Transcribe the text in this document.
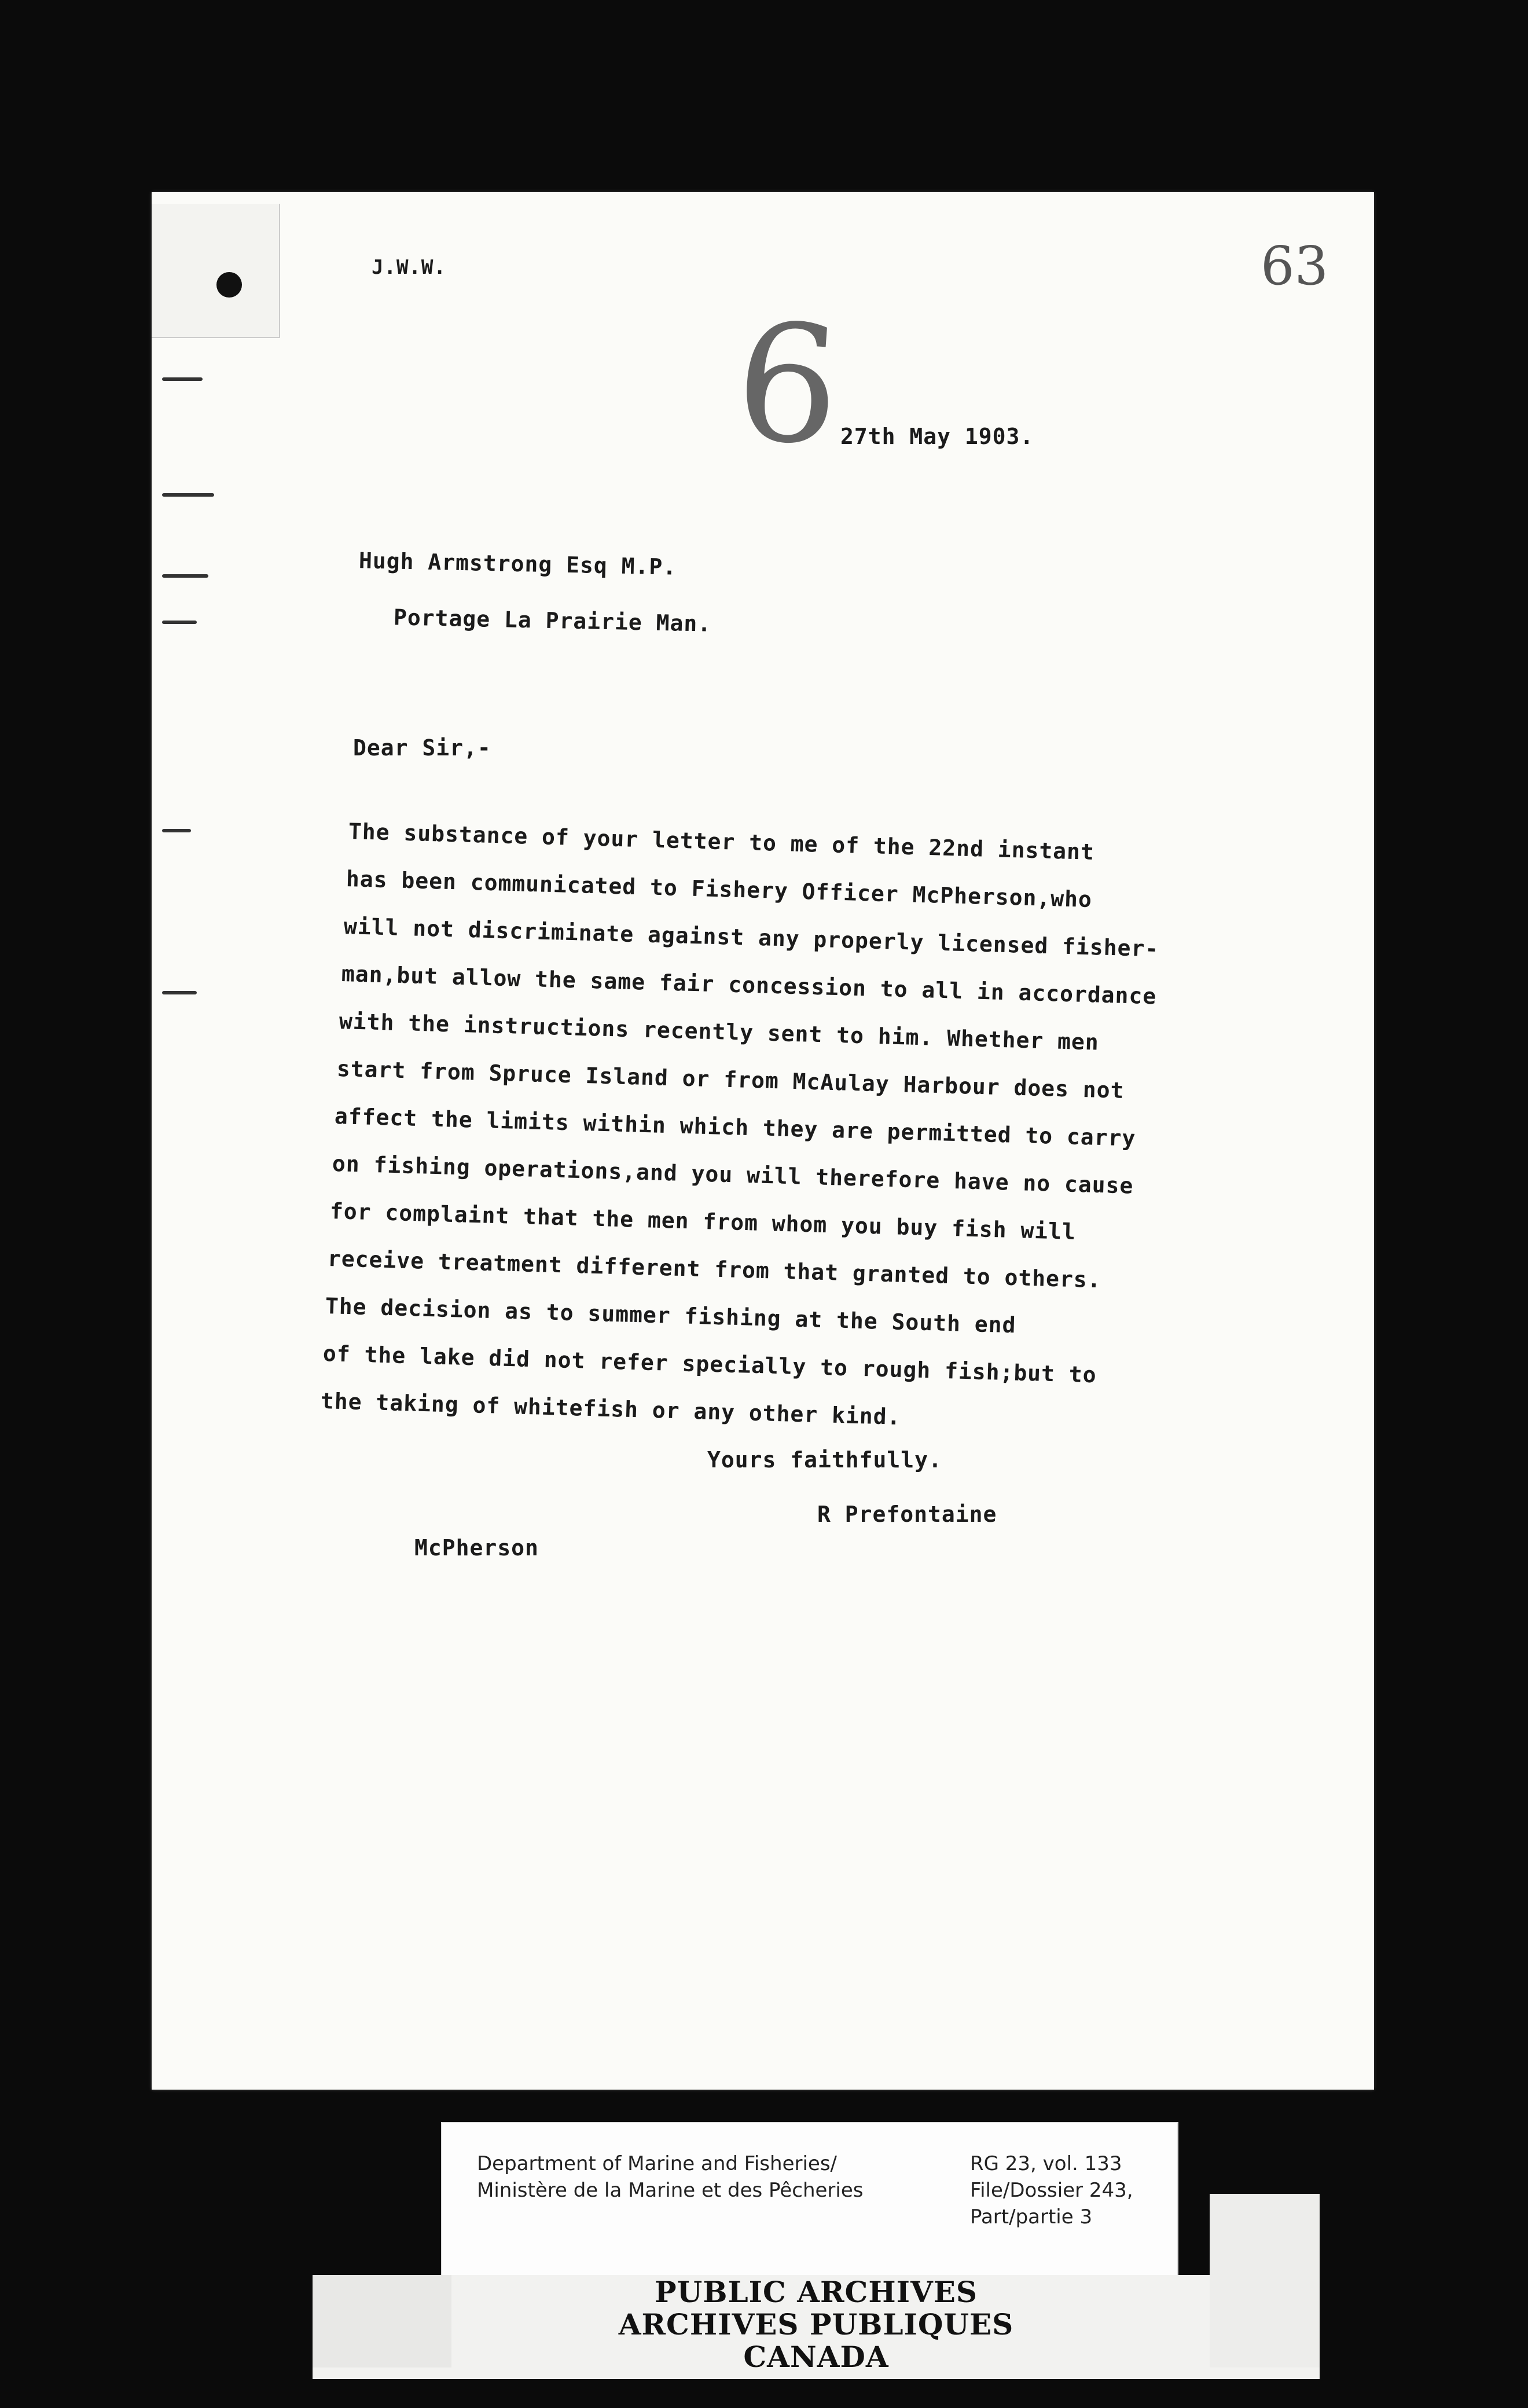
J.W.W.	63
6
27th May 1903.
Hugh Armstrong Esq M.P.
Portage La Prairie Man.
Dear Sir,-
The substance of your letter to me of the 22nd instant
has been communicated to Fishery Officer McPherson,who
will not discriminate against any properly licensed fisher-
man,but allow the same fair concession to all in accordance
with the instructions recently sent to him. Whether men
start from Spruce Island or from McAulay Harbour does not
affect the limits within which they are permitted to carry
on fishing operations,and you will therefore have no cause
for complaint that the men from whom you buy fish will
receive treatment different from that granted to others.
The decision as to summer fishing at the South end
of the lake did not refer specially to rough fish;but to
the taking of whitefish or any other kind.
Yours faithfully.
R Prefontaine
McPherson
Department of Marine and Fisheries/
Ministère de la Marine et des Pêcheries
RG 23, vol. 133
File/Dossier 243,
Part/partie 3
PUBLIC ARCHIVES
ARCHIVES PUBLIQUES
CANADA
